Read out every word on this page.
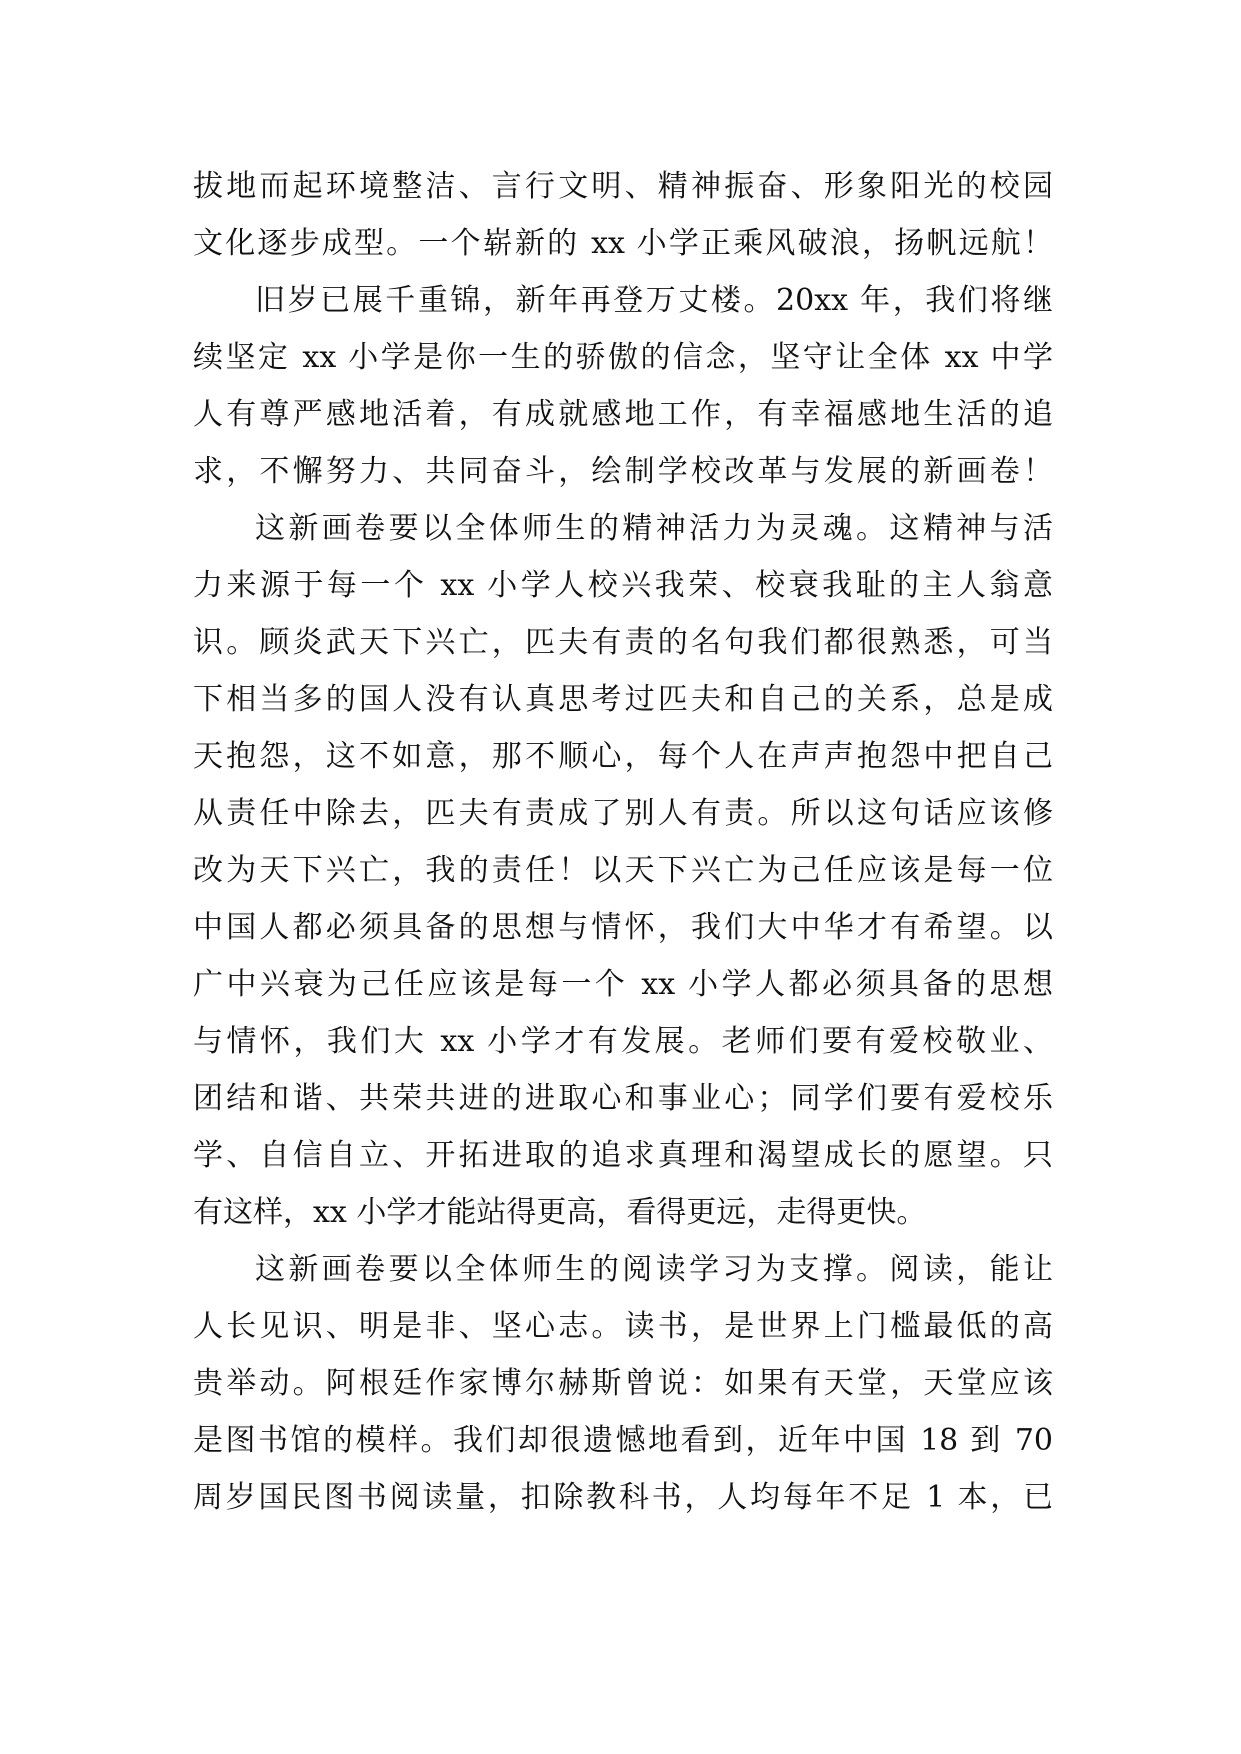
拔地而起环境整洁、言行文明、精神振奋、形象阳光的校园
文化逐步成型。一个崭新的 xx 小学正乘风破浪，扬帆远航！
旧岁已展千重锦，新年再登万丈楼。20xx 年，我们将继
续坚定 xx 小学是你一生的骄傲的信念，坚守让全体 xx 中学
人有尊严感地活着，有成就感地工作，有幸福感地生活的追
求，不懈努力、共同奋斗，绘制学校改革与发展的新画卷！
这新画卷要以全体师生的精神活力为灵魂。这精神与活
力来源于每一个 xx 小学人校兴我荣、校衰我耻的主人翁意
识。顾炎武天下兴亡，匹夫有责的名句我们都很熟悉，可当
下相当多的国人没有认真思考过匹夫和自己的关系，总是成
天抱怨，这不如意，那不顺心，每个人在声声抱怨中把自己
从责任中除去，匹夫有责成了别人有责。所以这句话应该修
改为天下兴亡，我的责任！以天下兴亡为己任应该是每一位
中国人都必须具备的思想与情怀，我们大中华才有希望。以
广中兴衰为己任应该是每一个 xx 小学人都必须具备的思想
与情怀，我们大 xx 小学才有发展。老师们要有爱校敬业、
团结和谐、共荣共进的进取心和事业心；同学们要有爱校乐
学、自信自立、开拓进取的追求真理和渴望成长的愿望。只
有这样，xx 小学才能站得更高，看得更远，走得更快。
这新画卷要以全体师生的阅读学习为支撑。阅读，能让
人长见识、明是非、坚心志。读书，是世界上门槛最低的高
贵举动。阿根廷作家博尔赫斯曾说：如果有天堂，天堂应该
是图书馆的模样。我们却很遗憾地看到，近年中国 18 到 70
周岁国民图书阅读量，扣除教科书，人均每年不足 1 本，已
